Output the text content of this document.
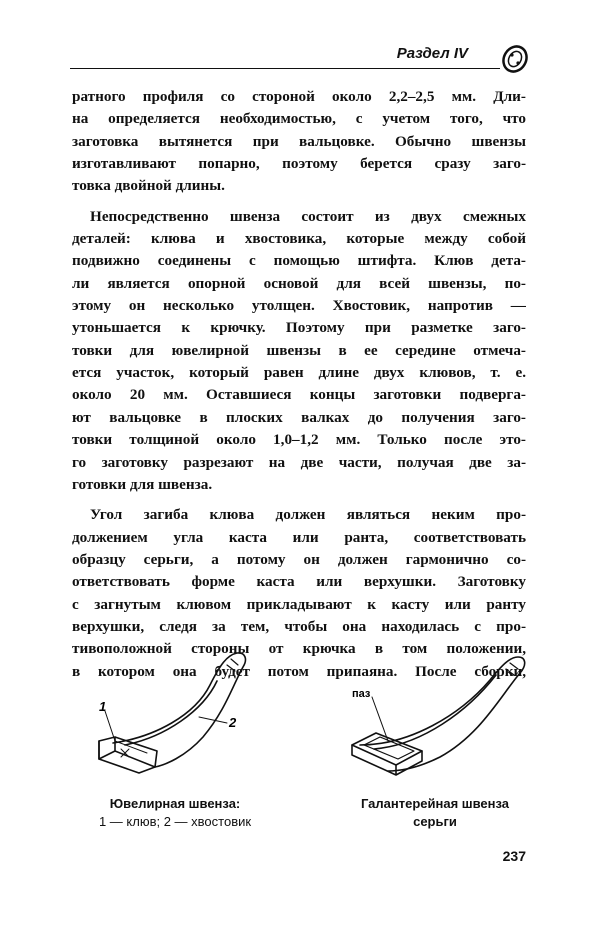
Раздел IV
ратного профиля со стороной около 2,2–2,5 мм. Дли-
на определяется необходимостью, с учетом того, что
заготовка вытянется при вальцовке. Обычно швензы
изготавливают попарно, поэтому берется сразу заго-
товка двойной длины.
Непосредственно швенза состоит из двух смежных
деталей: клюва и хвостовика, которые между собой
подвижно соединены с помощью штифта. Клюв дета-
ли является опорной основой для всей швензы, по-
этому он несколько утолщен. Хвостовик, напротив —
утоньшается к крючку. Поэтому при разметке заго-
товки для ювелирной швензы в ее середине отмеча-
ется участок, который равен длине двух клювов, т. е.
около 20 мм. Оставшиеся концы заготовки подверга-
ют вальцовке в плоских валках до получения заго-
товки толщиной около 1,0–1,2 мм. Только после это-
го заготовку разрезают на две части, получая две за-
готовки для швенза.
Угол загиба клюва должен являться неким про-
должением угла каста или ранта, соответствовать
образцу серьги, а потому он должен гармонично со-
ответствовать форме каста или верхушки. Заготовку
с загнутым клювом прикладывают к касту или ранту
верхушки, следя за тем, чтобы она находилась с про-
тивоположной стороны от крючка в том положении,
в котором она будет потом припаяна. После сборки,
1
2
паз
Ювелирная швенза:
1 — клюв; 2 — хвостовик
Галантерейная швенза
серьги
237
